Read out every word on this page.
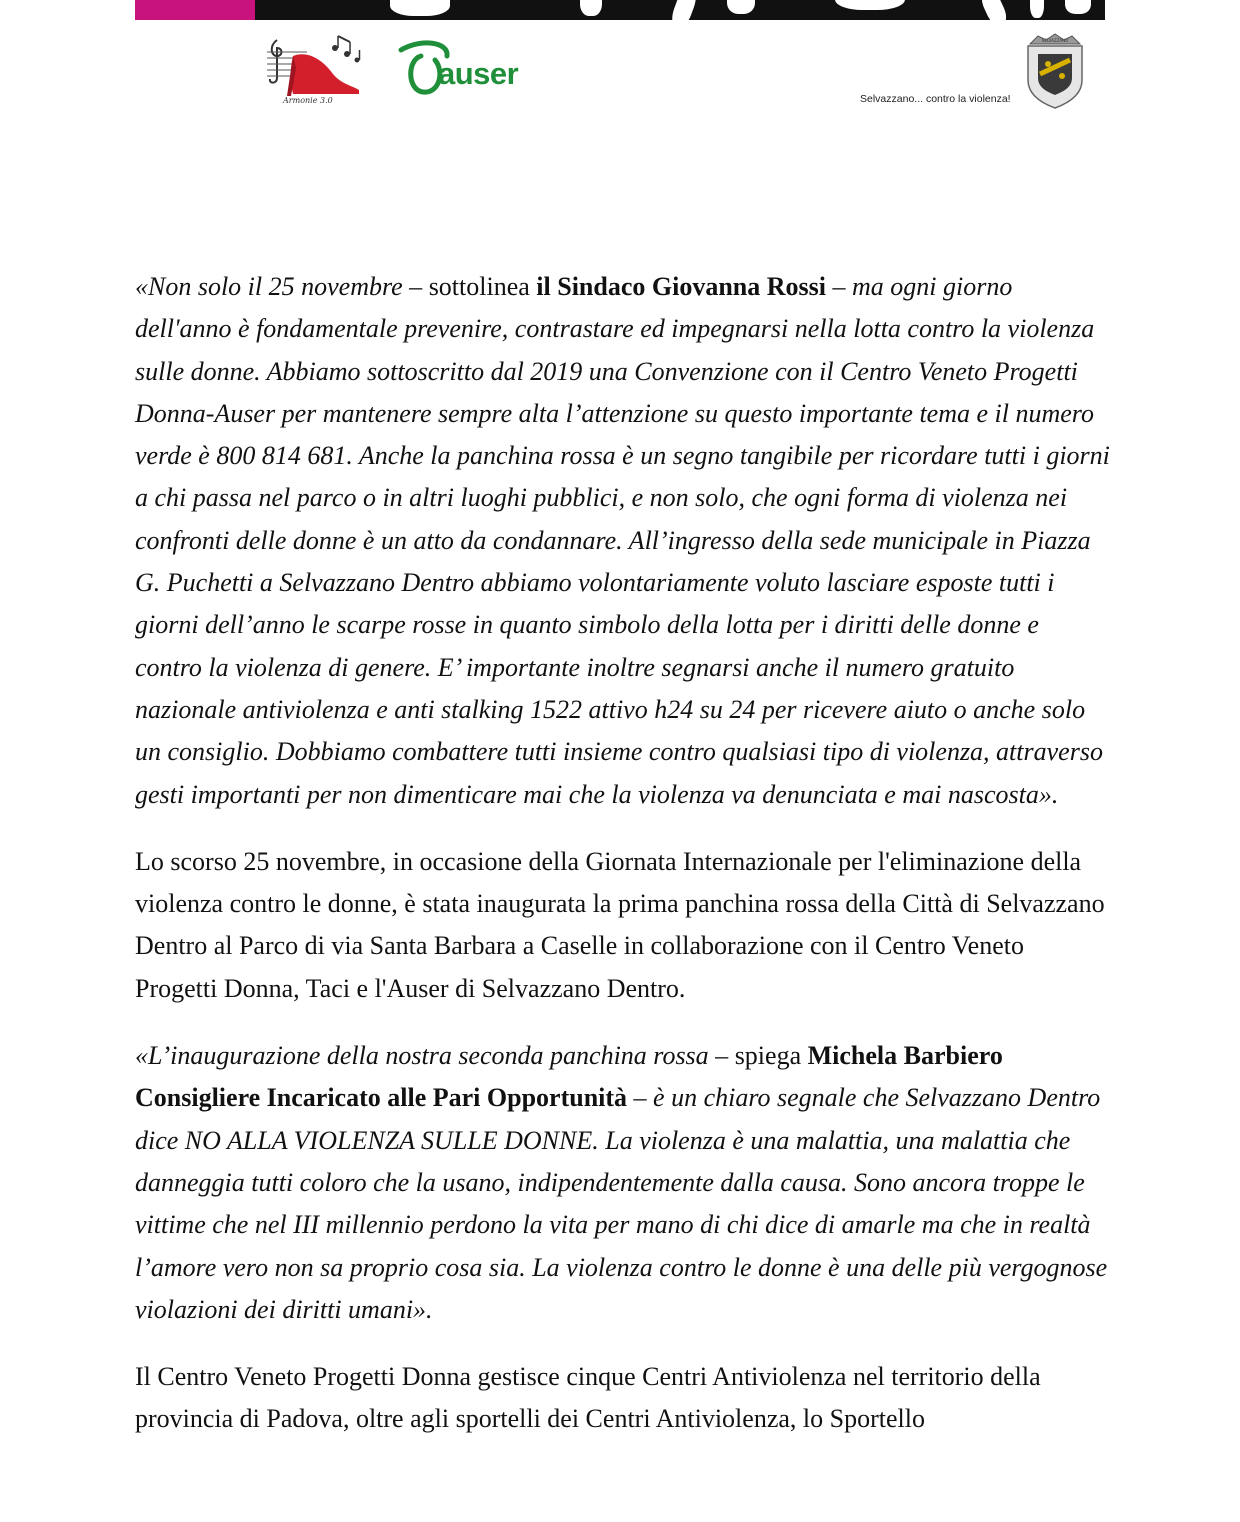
Armonie 3.0
auser
SELVAZZANO
Selvazzano... contro la violenza!

«Non solo il 25 novembre – sottolinea il Sindaco Giovanna Rossi – ma ogni giorno dell'anno è fondamentale prevenire, contrastare ed impegnarsi nella lotta contro la violenza sulle donne. Abbiamo sottoscritto dal 2019 una Convenzione con il Centro Veneto Progetti Donna-Auser per mantenere sempre alta l’attenzione su questo importante tema e il numero verde è 800 814 681. Anche la panchina rossa è un segno tangibile per ricordare tutti i giorni a chi passa nel parco o in altri luoghi pubblici, e non solo, che ogni forma di violenza nei confronti delle donne è un atto da condannare. All’ingresso della sede municipale in Piazza G. Puchetti a Selvazzano Dentro abbiamo volontariamente voluto lasciare esposte tutti i giorni dell’anno le scarpe rosse in quanto simbolo della lotta per i diritti delle donne e contro la violenza di genere. E’ importante inoltre segnarsi anche il numero gratuito nazionale antiviolenza e anti stalking 1522 attivo h24 su 24 per ricevere aiuto o anche solo un consiglio. Dobbiamo combattere tutti insieme contro qualsiasi tipo di violenza, attraverso gesti importanti per non dimenticare mai che la violenza va denunciata e mai nascosta».

Lo scorso 25 novembre, in occasione della Giornata Internazionale per l'eliminazione della violenza contro le donne, è stata inaugurata la prima panchina rossa della Città di Selvazzano Dentro al Parco di via Santa Barbara a Caselle in collaborazione con il Centro Veneto Progetti Donna, Taci e l'Auser di Selvazzano Dentro.

«L’inaugurazione della nostra seconda panchina rossa – spiega Michela Barbiero Consigliere Incaricato alle Pari Opportunità – è un chiaro segnale che Selvazzano Dentro dice NO ALLA VIOLENZA SULLE DONNE. La violenza è una malattia, una malattia che danneggia tutti coloro che la usano, indipendentemente dalla causa. Sono ancora troppe le vittime che nel III millennio perdono la vita per mano di chi dice di amarle ma che in realtà l’amore vero non sa proprio cosa sia. La violenza contro le donne è una delle più vergognose violazioni dei diritti umani».

Il Centro Veneto Progetti Donna gestisce cinque Centri Antiviolenza nel territorio della provincia di Padova, oltre agli sportelli dei Centri Antiviolenza, lo Sportello
